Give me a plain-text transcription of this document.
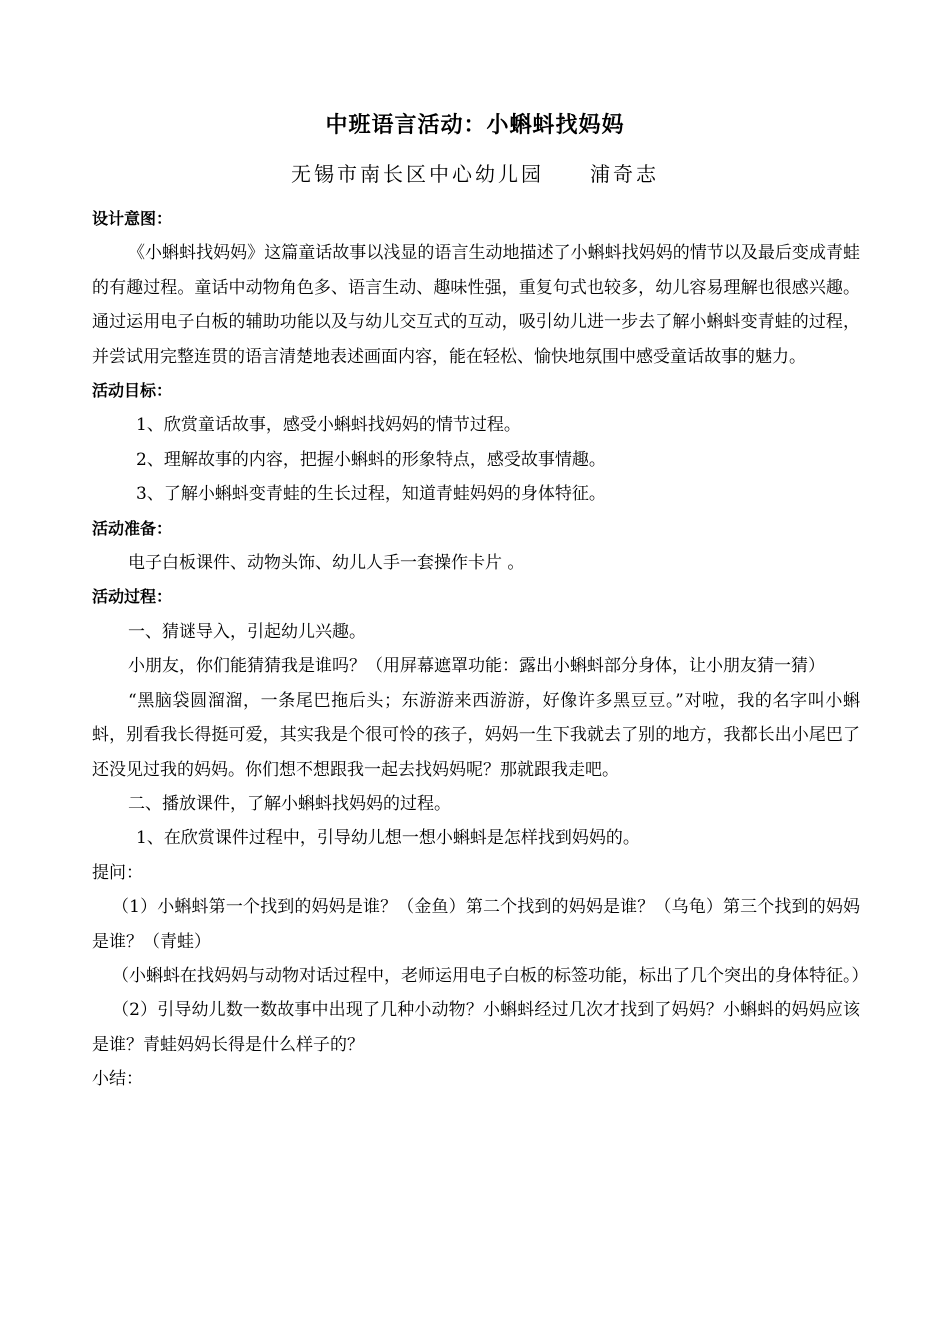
中班语言活动：小蝌蚪找妈妈
无锡市南长区中心幼儿园 浦奇志

设计意图：

《小蝌蚪找妈妈》这篇童话故事以浅显的语言生动地描述了小蝌蚪找妈妈的情节以及最后变成青蛙的有趣过程。童话中动物角色多、语言生动、趣味性强，重复句式也较多，幼儿容易理解也很感兴趣。通过运用电子白板的辅助功能以及与幼儿交互式的互动，吸引幼儿进一步去了解小蝌蚪变青蛙的过程，并尝试用完整连贯的语言清楚地表述画面内容，能在轻松、愉快地氛围中感受童话故事的魅力。

活动目标：

1、欣赏童话故事，感受小蝌蚪找妈妈的情节过程。

2、理解故事的内容，把握小蝌蚪的形象特点，感受故事情趣。

3、了解小蝌蚪变青蛙的生长过程，知道青蛙妈妈的身体特征。

活动准备：

电子白板课件、动物头饰、幼儿人手一套操作卡片 。

活动过程：

一、猜谜导入，引起幼儿兴趣。

小朋友，你们能猜猜我是谁吗？（用屏幕遮罩功能：露出小蝌蚪部分身体，让小朋友猜一猜）

“黑脑袋圆溜溜，一条尾巴拖后头；东游游来西游游，好像许多黑豆豆。”对啦，我的名字叫小蝌蚪，别看我长得挺可爱，其实我是个很可怜的孩子，妈妈一生下我就去了别的地方，我都长出小尾巴了还没见过我的妈妈。你们想不想跟我一起去找妈妈呢？那就跟我走吧。

二、播放课件，了解小蝌蚪找妈妈的过程。

1、在欣赏课件过程中，引导幼儿想一想小蝌蚪是怎样找到妈妈的。

提问：

（1）小蝌蚪第一个找到的妈妈是谁？（金鱼）第二个找到的妈妈是谁？（乌龟）第三个找到的妈妈是谁？（青蛙）

（小蝌蚪在找妈妈与动物对话过程中，老师运用电子白板的标签功能，标出了几个突出的身体特征。）

（2）引导幼儿数一数故事中出现了几种小动物？小蝌蚪经过几次才找到了妈妈？小蝌蚪的妈妈应该是谁？青蛙妈妈长得是什么样子的？

小结：
